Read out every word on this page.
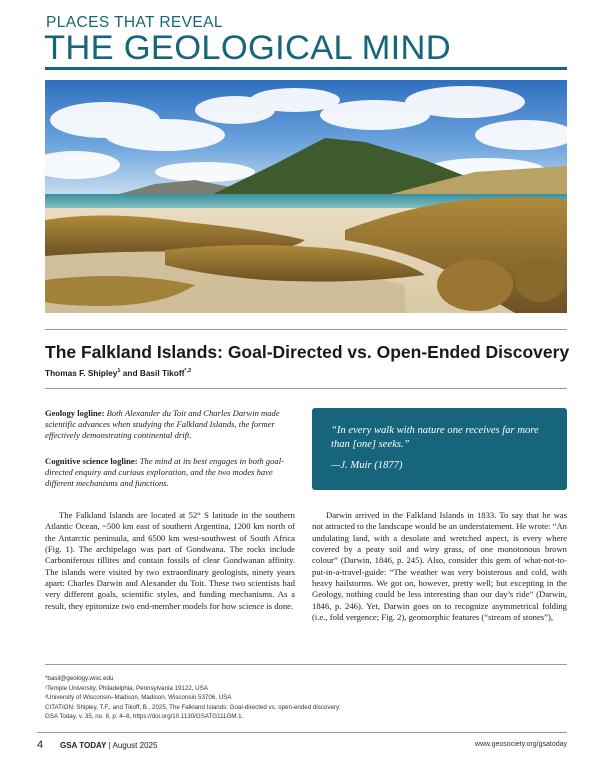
PLACES THAT REVEAL
THE GEOLOGICAL MIND
The Falkland Islands: Goal-Directed vs. Open-Ended Discovery
Thomas F. Shipley$^1$ and Basil Tikoff$^{*,2}$
Geology logline: Both Alexander du Toit and Charles Darwin made scientific advances when studying the Falkland Islands, the former effectively demonstrating continental drift.
Cognitive science logline: The mind at its best engages in both goal-directed enquiry and curious exploration, and the two modes have different mechanisms and functions.
“In every walk with nature one receives far more than [one] seeks.”
—J. Muir (1877)

The Falkland Islands are located at 52° S latitude in the southern Atlantic Ocean, ~500 km east of southern Argentina, 1200 km north of the Antarctic peninsula, and 6500 km west-southwest of South Africa (Fig. 1). The archipelago was part of Gondwana. The rocks include Carboniferous tillites and contain fossils of clear Gondwanan affinity. The islands were visited by two extraordinary geologists, ninety years apart: Charles Darwin and Alexander du Toit. These two scientists had very different goals, scientific styles, and funding mechanisms. As a result, they epitomize two end-member models for how science is done.

Darwin arrived in the Falkland Islands in 1833. To say that he was not attracted to the landscape would be an understatement. He wrote: “An undulating land, with a desolate and wretched aspect, is every where covered by a peaty soil and wiry grass, of one monotonous brown colour” (Darwin, 1846, p. 245). Also, consider this gem of what-not-to-put-in-a-travel-guide: “The weather was very boisterous and cold, with heavy hailstorms. We got on, however, pretty well; but excepting in the Geology, nothing could be less interesting than our day’s ride” (Darwin, 1846, p. 246). Yet, Darwin goes on to recognize asymmetrical folding (i.e., fold vergence; Fig. 2), geomorphic features (“stream of stones”),

*basil@geology.wisc.edu
¹Temple University, Philadelphia, Pennsylvania 19122, USA
²University of Wisconsin–Madison, Madison, Wisconsin 53706, USA
CITATION: Shipley, T.F., and Tikoff, B., 2025, The Falkland Islands: Goal-directed vs. open-ended discovery:
GSA Today, v. 35, no. 8, p. 4–8, https://doi.org/10.1130/GSATG111GM.1.
4 GSA TODAY | August 2025	www.geosociety.org/gsatoday
